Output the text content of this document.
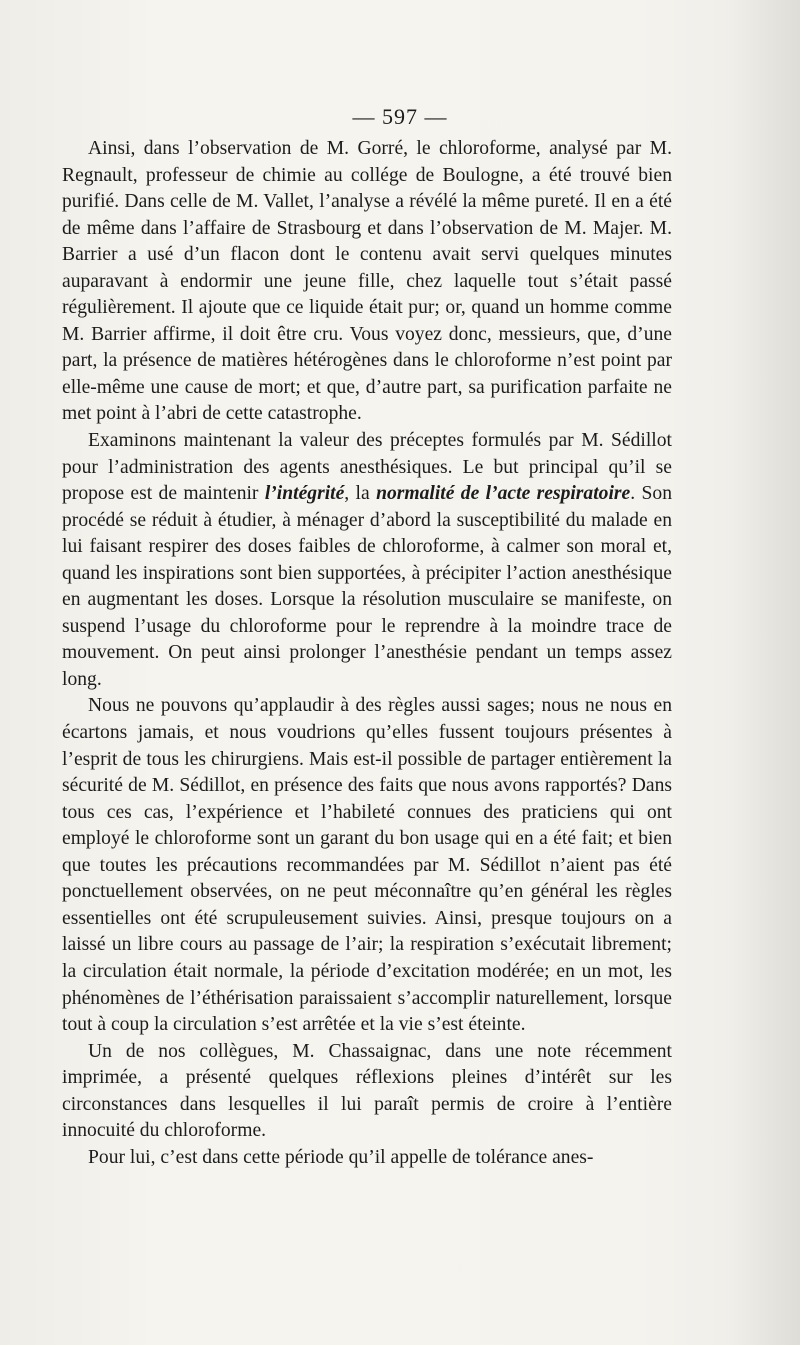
— 597 —

Ainsi, dans l’observation de M. Gorré, le chloroforme, analysé par M. Regnault, professeur de chimie au collége de Boulogne, a été trouvé bien purifié. Dans celle de M. Vallet, l’analyse a révélé la même pureté. Il en a été de même dans l’affaire de Strasbourg et dans l’observation de M. Majer. M. Barrier a usé d’un flacon dont le contenu avait servi quelques minutes auparavant à endormir une jeune fille, chez laquelle tout s’était passé régulièrement. Il ajoute que ce liquide était pur; or, quand un homme comme M. Barrier affirme, il doit être cru. Vous voyez donc, messieurs, que, d’une part, la présence de matières hétérogènes dans le chloroforme n’est point par elle-même une cause de mort; et que, d’autre part, sa purification parfaite ne met point à l’abri de cette catastrophe.

Examinons maintenant la valeur des préceptes formulés par M. Sédillot pour l’administration des agents anesthésiques. Le but principal qu’il se propose est de maintenir l’intégrité, la normalité de l’acte respiratoire. Son procédé se réduit à étudier, à ménager d’abord la susceptibilité du malade en lui faisant respirer des doses faibles de chloroforme, à calmer son moral et, quand les inspirations sont bien supportées, à précipiter l’action anesthésique en augmentant les doses. Lorsque la résolution musculaire se manifeste, on suspend l’usage du chloroforme pour le reprendre à la moindre trace de mouvement. On peut ainsi prolonger l’anesthésie pendant un temps assez long.

Nous ne pouvons qu’applaudir à des règles aussi sages; nous ne nous en écartons jamais, et nous voudrions qu’elles fussent toujours présentes à l’esprit de tous les chirurgiens. Mais est-il possible de partager entièrement la sécurité de M. Sédillot, en présence des faits que nous avons rapportés? Dans tous ces cas, l’expérience et l’habileté connues des praticiens qui ont employé le chloroforme sont un garant du bon usage qui en a été fait; et bien que toutes les précautions recommandées par M. Sédillot n’aient pas été ponctuellement observées, on ne peut méconnaître qu’en général les règles essentielles ont été scrupuleusement suivies. Ainsi, presque toujours on a laissé un libre cours au passage de l’air; la respiration s’exécutait librement; la circulation était normale, la période d’excitation modérée; en un mot, les phénomènes de l’éthérisation paraissaient s’accomplir naturellement, lorsque tout à coup la circulation s’est arrêtée et la vie s’est éteinte.

Un de nos collègues, M. Chassaignac, dans une note récemment imprimée, a présenté quelques réflexions pleines d’intérêt sur les circonstances dans lesquelles il lui paraît permis de croire à l’entière innocuité du chloroforme.

Pour lui, c’est dans cette période qu’il appelle de tolérance anes-
